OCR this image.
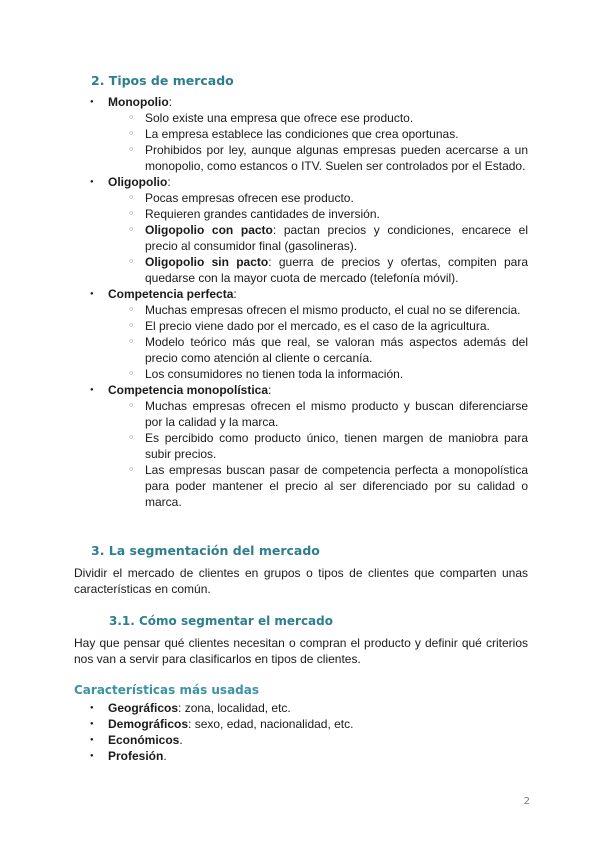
2. Tipos de mercado
● Monopolio:
○ Solo existe una empresa que ofrece ese producto.
○ La empresa establece las condiciones que crea oportunas.
○ Prohibidos por ley, aunque algunas empresas pueden acercarse a un monopolio, como estancos o ITV. Suelen ser controlados por el Estado.
● Oligopolio:
○ Pocas empresas ofrecen ese producto.
○ Requieren grandes cantidades de inversión.
○ Oligopolio con pacto: pactan precios y condiciones, encarece el precio al consumidor final (gasolineras).
○ Oligopolio sin pacto: guerra de precios y ofertas, compiten para quedarse con la mayor cuota de mercado (telefonía móvil).
● Competencia perfecta:
○ Muchas empresas ofrecen el mismo producto, el cual no se diferencia.
○ El precio viene dado por el mercado, es el caso de la agricultura.
○ Modelo teórico más que real, se valoran más aspectos además del precio como atención al cliente o cercanía.
○ Los consumidores no tienen toda la información.
● Competencia monopolística:
○ Muchas empresas ofrecen el mismo producto y buscan diferenciarse por la calidad y la marca.
○ Es percibido como producto único, tienen margen de maniobra para subir precios.
○ Las empresas buscan pasar de competencia perfecta a monopolística para poder mantener el precio al ser diferenciado por su calidad o marca.
3. La segmentación del mercado

Dividir el mercado de clientes en grupos o tipos de clientes que comparten unas características en común.

3.1. Cómo segmentar el mercado

Hay que pensar qué clientes necesitan o compran el producto y definir qué criterios nos van a servir para clasificarlos en tipos de clientes.

Características más usadas
● Geográficos: zona, localidad, etc.
● Demográficos: sexo, edad, nacionalidad, etc.
● Económicos.
● Profesión.
2
